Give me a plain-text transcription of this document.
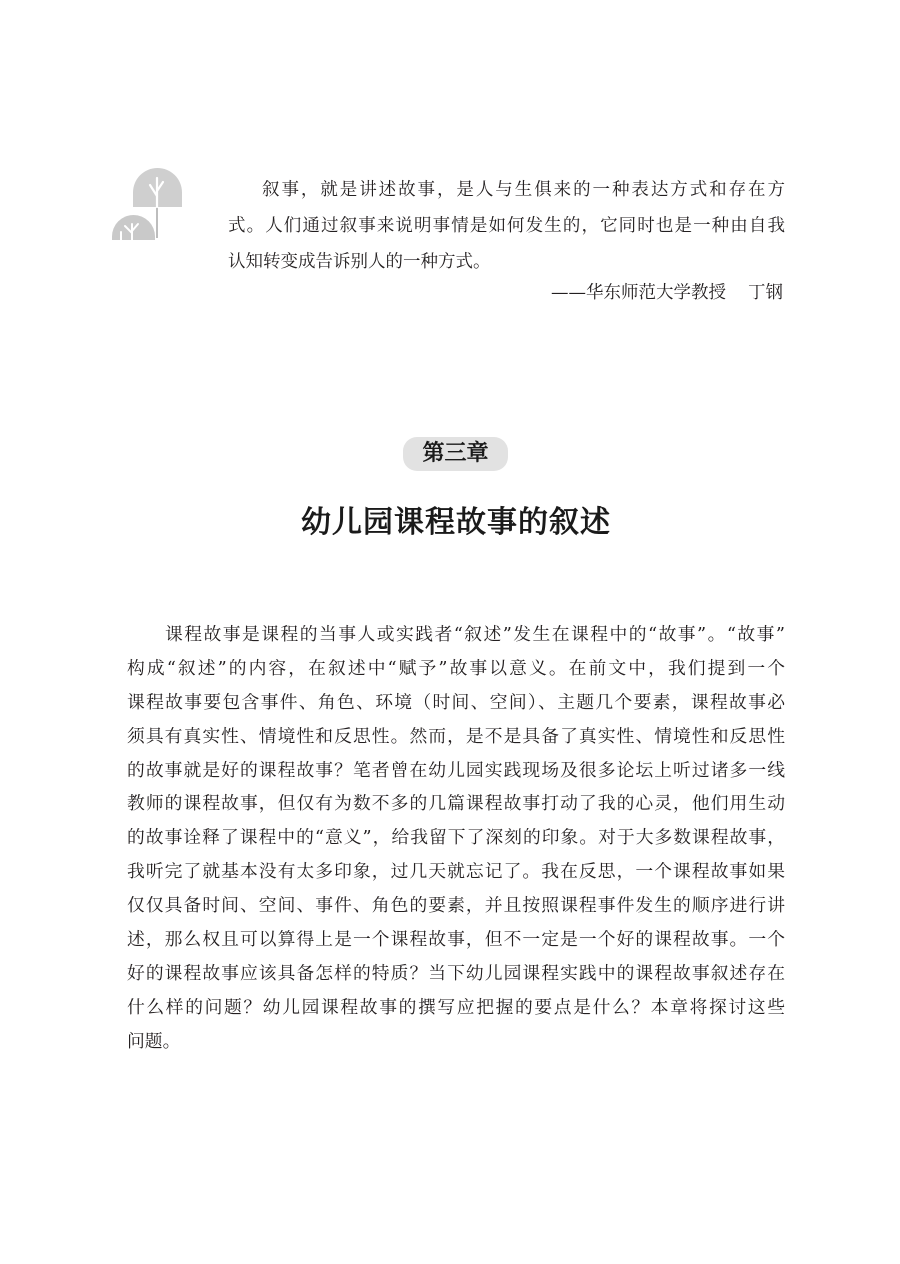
叙事，就是讲述故事，是人与生俱来的一种表达方式和存在方
式。人们通过叙事来说明事情是如何发生的，它同时也是一种由自我
认知转变成告诉别人的一种方式。
——华东师范大学教授 丁钢
第三章
幼儿园课程故事的叙述
课程故事是课程的当事人或实践者“叙述”发生在课程中的“故事”。“故事”
构成“叙述”的内容，在叙述中“赋予”故事以意义。在前文中，我们提到一个
课程故事要包含事件、角色、环境（时间、空间）、主题几个要素，课程故事必
须具有真实性、情境性和反思性。然而，是不是具备了真实性、情境性和反思性
的故事就是好的课程故事？笔者曾在幼儿园实践现场及很多论坛上听过诸多一线
教师的课程故事，但仅有为数不多的几篇课程故事打动了我的心灵，他们用生动
的故事诠释了课程中的“意义”，给我留下了深刻的印象。对于大多数课程故事，
我听完了就基本没有太多印象，过几天就忘记了。我在反思，一个课程故事如果
仅仅具备时间、空间、事件、角色的要素，并且按照课程事件发生的顺序进行讲
述，那么权且可以算得上是一个课程故事，但不一定是一个好的课程故事。一个
好的课程故事应该具备怎样的特质？当下幼儿园课程实践中的课程故事叙述存在
什么样的问题？幼儿园课程故事的撰写应把握的要点是什么？本章将探讨这些
问题。
